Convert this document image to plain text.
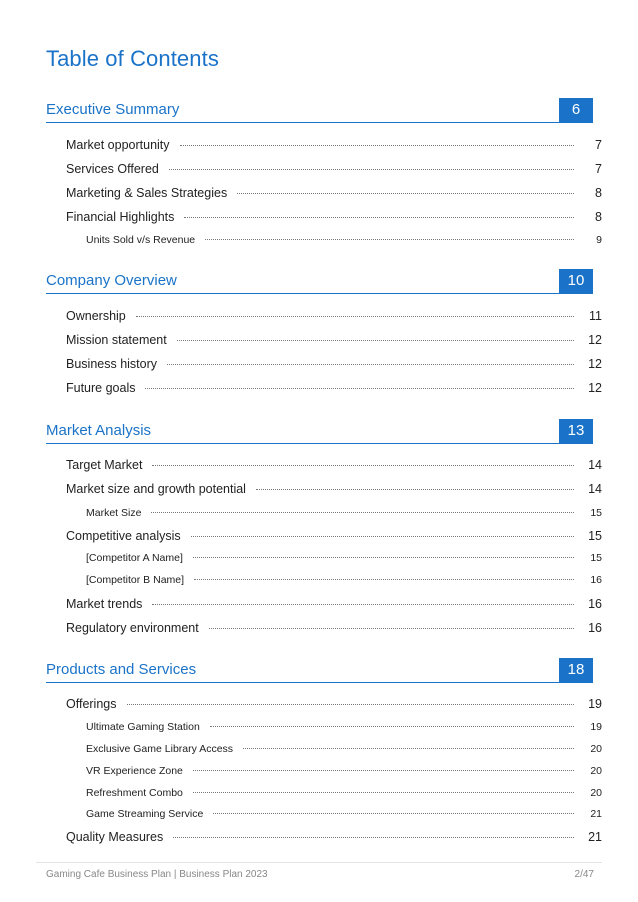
Table of Contents
Executive Summary	6
Market opportunity	7
Services Offered	7
Marketing & Sales Strategies	8
Financial Highlights	8
Units Sold v/s Revenue	9
Company Overview	10
Ownership	11
Mission statement	12
Business history	12
Future goals	12
Market Analysis	13
Target Market	14
Market size and growth potential	14
Market Size	15
Competitive analysis	15
[Competitor A Name]	15
[Competitor B Name]	16
Market trends	16
Regulatory environment	16
Products and Services	18
Offerings	19
Ultimate Gaming Station	19
Exclusive Game Library Access	20
VR Experience Zone	20
Refreshment Combo	20
Game Streaming Service	21
Quality Measures	21
Gaming Cafe Business Plan | Business Plan 2023	2/47
